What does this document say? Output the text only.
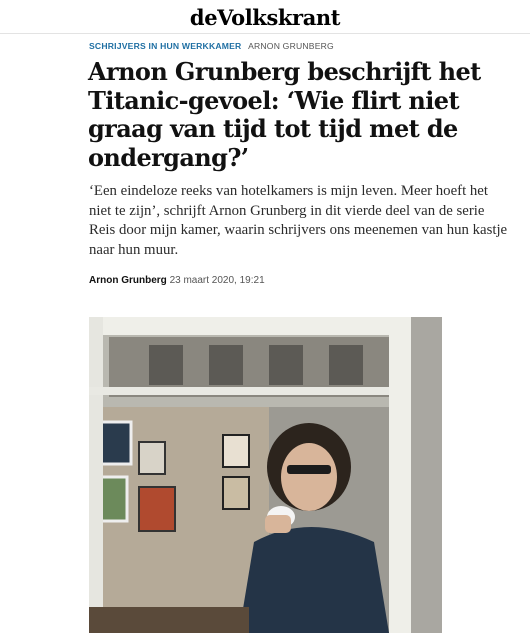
deVolkskrant
SCHRIJVERS IN HUN WERKKAMER ARNON GRUNBERG
Arnon Grunberg beschrijft het Titanic-gevoel: ‘Wie flirt niet graag van tijd tot tijd met de ondergang?’

‘Een eindeloze reeks van hotelkamers is mijn leven. Meer hoeft het niet te zijn’, schrijft Arnon Grunberg in dit vierde deel van de serie Reis door mijn kamer, waarin schrijvers ons meenemen van hun kastje naar hun muur.

Arnon Grunberg 23 maart 2020, 19:21
